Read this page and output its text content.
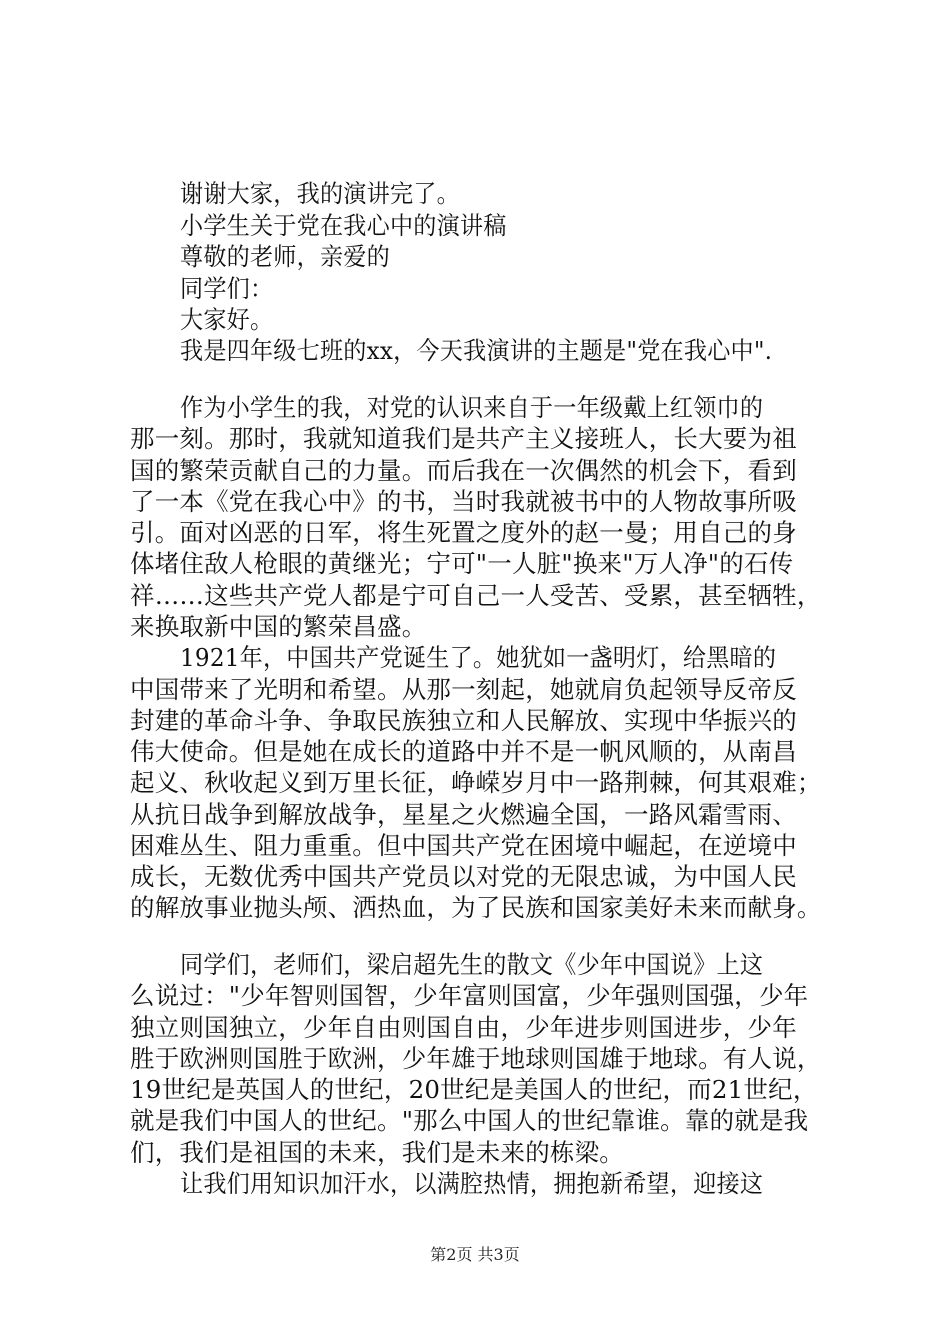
谢谢大家，我的演讲完了。
小学生关于党在我心中的演讲稿
尊敬的老师，亲爱的
同学们：
大家好。
我是四年级七班的xx，今天我演讲的主题是"党在我心中".
作为小学生的我，对党的认识来自于一年级戴上红领巾的
那一刻。那时，我就知道我们是共产主义接班人，长大要为祖
国的繁荣贡献自己的力量。而后我在一次偶然的机会下，看到
了一本《党在我心中》的书，当时我就被书中的人物故事所吸
引。面对凶恶的日军，将生死置之度外的赵一曼；用自己的身
体堵住敌人枪眼的黄继光；宁可"一人脏"换来"万人净"的石传
祥……这些共产党人都是宁可自己一人受苦、受累，甚至牺牲，
来换取新中国的繁荣昌盛。
1921年，中国共产党诞生了。她犹如一盏明灯，给黑暗的
中国带来了光明和希望。从那一刻起，她就肩负起领导反帝反
封建的革命斗争、争取民族独立和人民解放、实现中华振兴的
伟大使命。但是她在成长的道路中并不是一帆风顺的，从南昌
起义、秋收起义到万里长征，峥嵘岁月中一路荆棘，何其艰难；
从抗日战争到解放战争，星星之火燃遍全国，一路风霜雪雨、
困难丛生、阻力重重。但中国共产党在困境中崛起，在逆境中
成长，无数优秀中国共产党员以对党的无限忠诚，为中国人民
的解放事业抛头颅、洒热血，为了民族和国家美好未来而献身。
同学们，老师们，梁启超先生的散文《少年中国说》上这
么说过："少年智则国智，少年富则国富，少年强则国强，少年
独立则国独立，少年自由则国自由，少年进步则国进步，少年
胜于欧洲则国胜于欧洲，少年雄于地球则国雄于地球。有人说，
19世纪是英国人的世纪，20世纪是美国人的世纪，而21世纪，
就是我们中国人的世纪。"那么中国人的世纪靠谁。靠的就是我
们，我们是祖国的未来，我们是未来的栋梁。
让我们用知识加汗水，以满腔热情，拥抱新希望，迎接这
第2页 共3页
